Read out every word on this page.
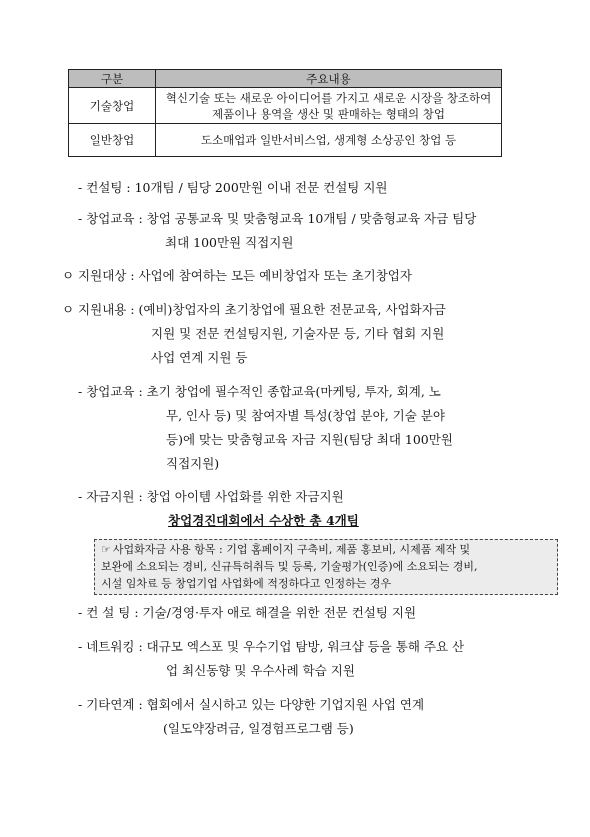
구분	주요내용
기술창업	혁신기술 또는 새로운 아이디어를 가지고 새로운 시장을 창조하여
제품이나 용역을 생산 및 판매하는 형태의 창업

일반창업	도소매업과 일반서비스업, 생계형 소상공인 창업 등
- 컨설팅 : 10개팀 / 팀당 200만원 이내 전문 컨설팅 지원
- 창업교육 : 창업 공통교육 및 맞춤형교육 10개팀 / 맞춤형교육 자금 팀당
최대 100만원 직접지원
ㅇ 지원대상 : 사업에 참여하는 모든 예비창업자 또는 초기창업자
ㅇ 지원내용 : (예비)창업자의 초기창업에 필요한 전문교육, 사업화자금
지원 및 전문 컨설팅지원, 기술자문 등, 기타 협회 지원
사업 연계 지원 등
- 창업교육 : 초기 창업에 필수적인 종합교육(마케팅, 투자, 회계, 노
무, 인사 등) 및 참여자별 특성(창업 분야, 기술 분야
등)에 맞는 맞춤형교육 자금 지원(팀당 최대 100만원
직접지원)
- 자금지원 : 창업 아이템 사업화를 위한 자금지원
창업경진대회에서 수상한 총 4개팀
☞ 사업화자금 사용 항목 : 기업 홈페이지 구축비, 제품 홍보비, 시제품 제작 및
보완에 소요되는 경비, 신규특허취득 및 등록, 기술평가(인증)에 소요되는 경비,
시설 임차료 등 창업기업 사업화에 적정하다고 인정하는 경우
- 컨 설 팅 : 기술/경영·투자 애로 해결을 위한 전문 컨설팅 지원
- 네트워킹 : 대규모 엑스포 및 우수기업 탐방, 워크샵 등을 통해 주요 산
업 최신동향 및 우수사례 학습 지원
- 기타연계 : 협회에서 실시하고 있는 다양한 기업지원 사업 연계
(일도약장려금, 일경험프로그램 등)
